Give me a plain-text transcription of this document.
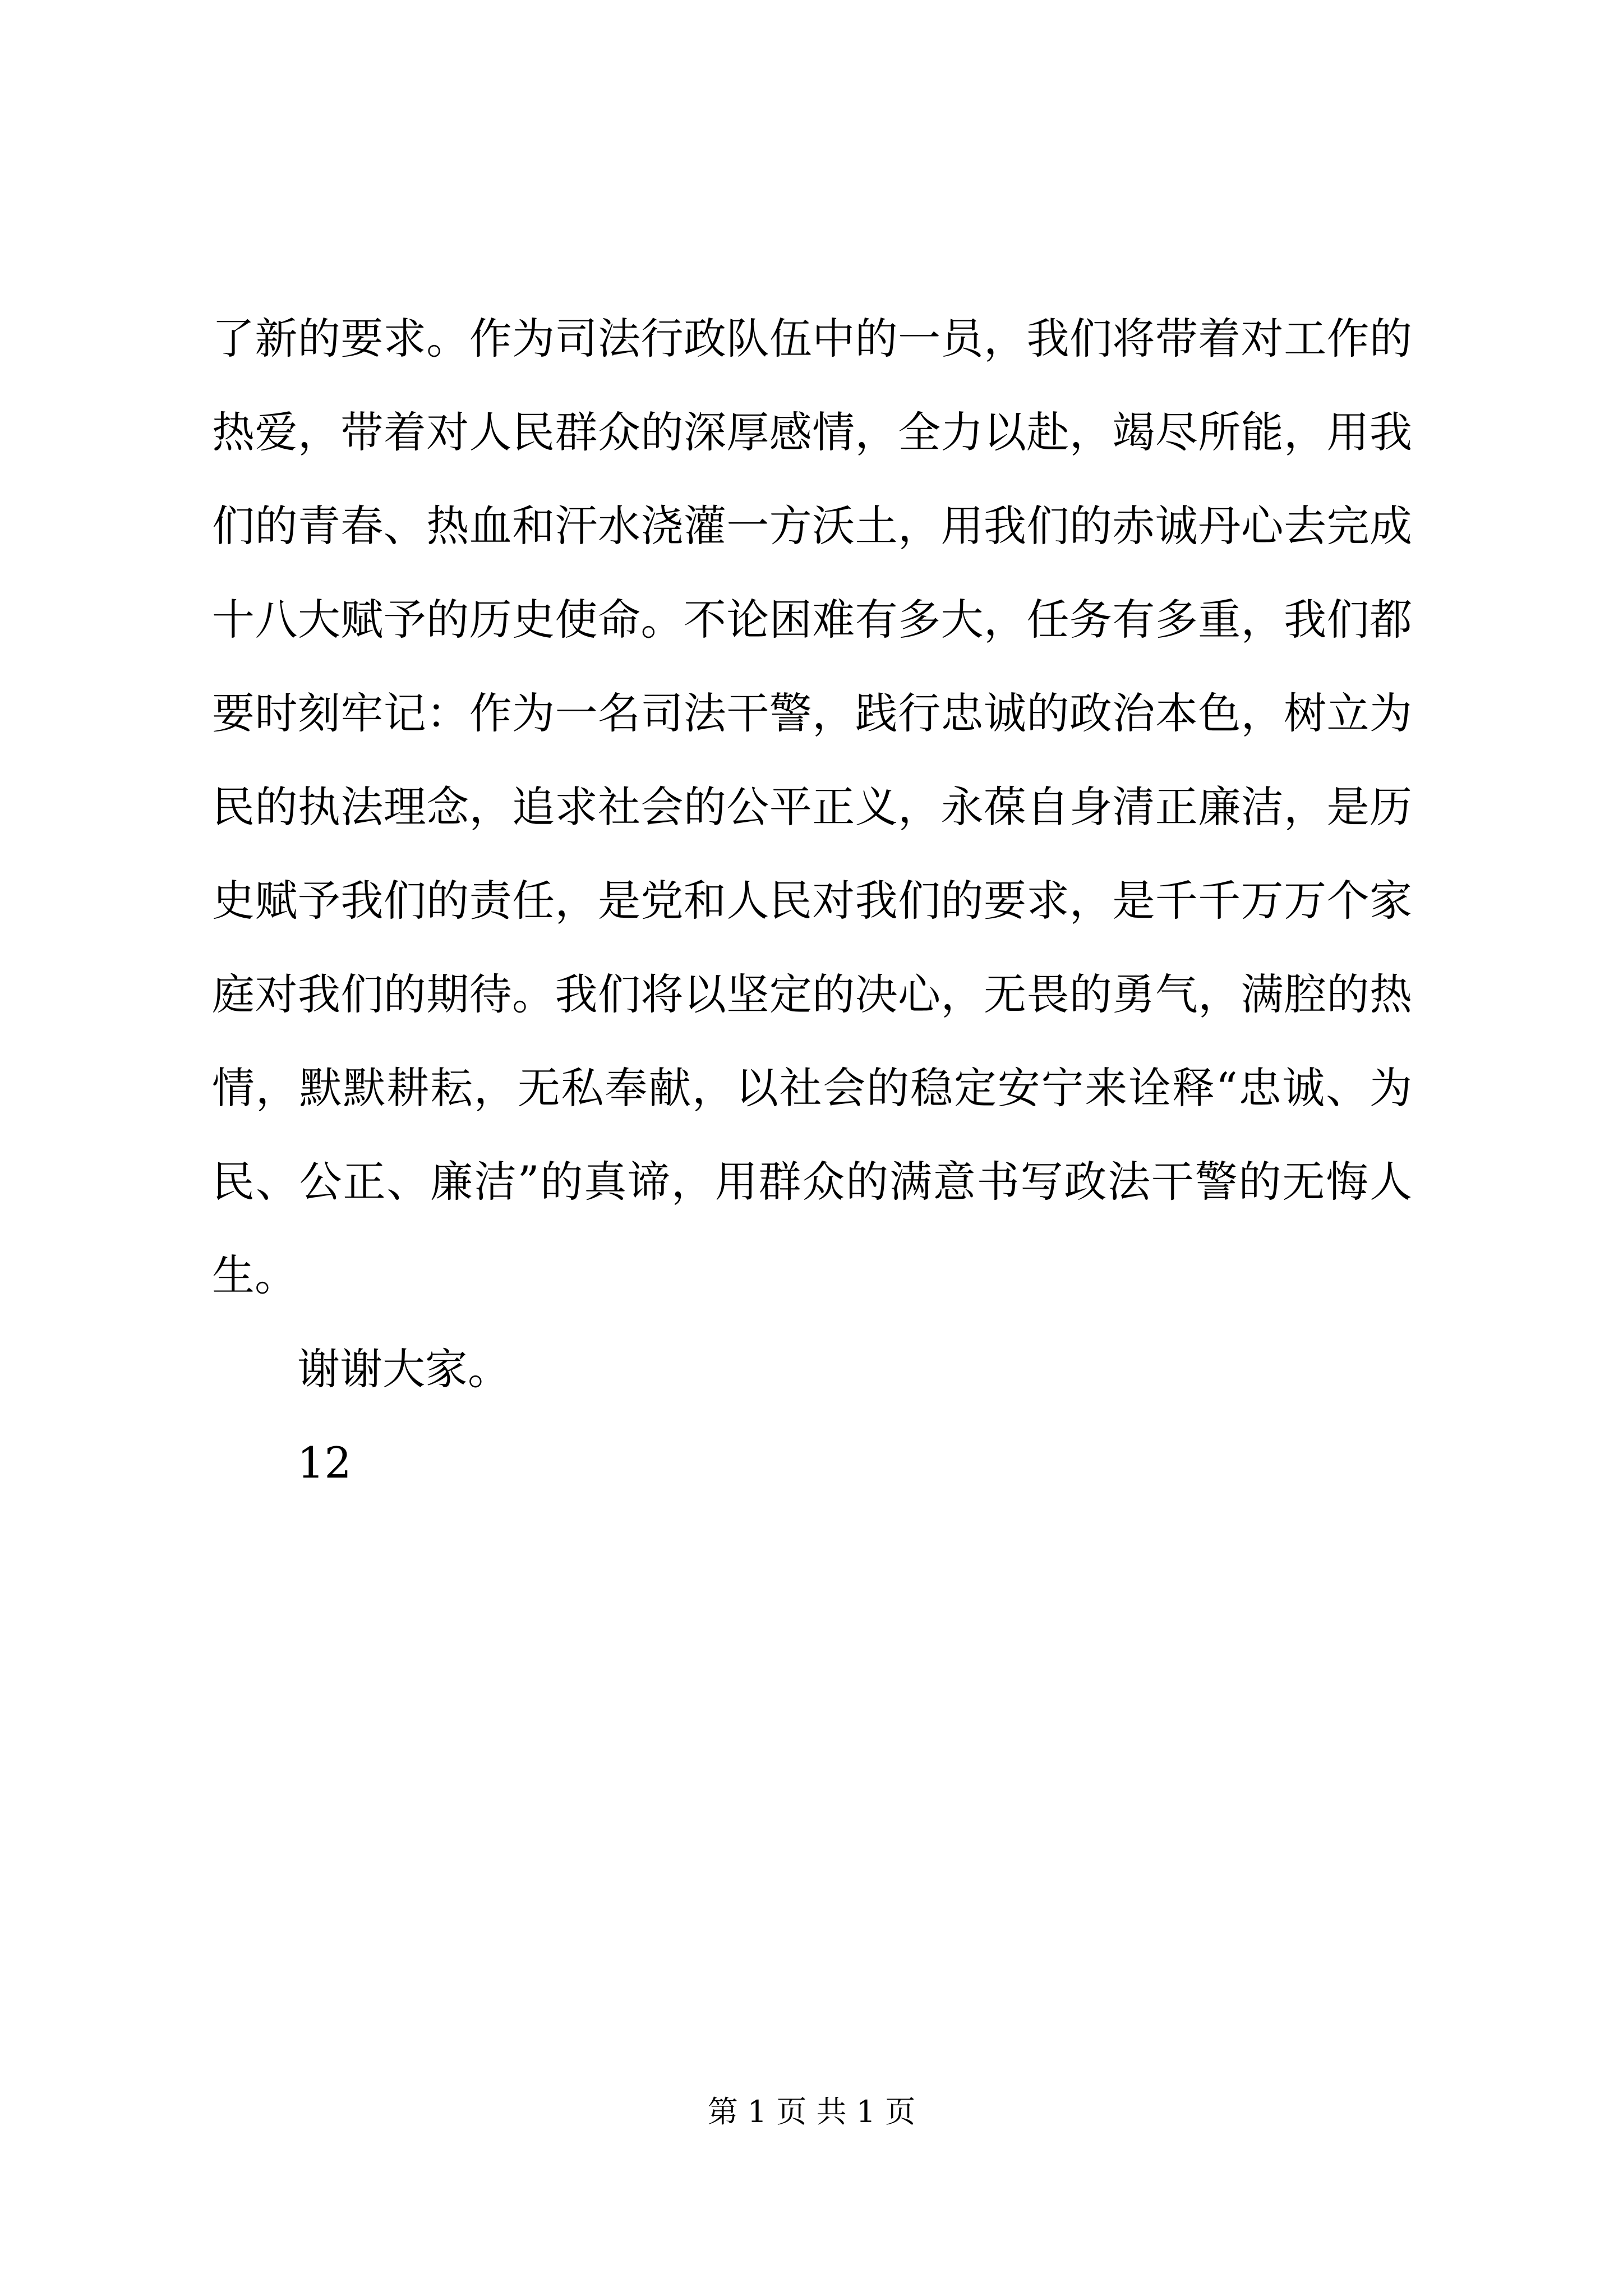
了新的要求。作为司法行政队伍中的一员，我们将带着对工作的
热爱，带着对人民群众的深厚感情，全力以赴，竭尽所能，用我
们的青春、热血和汗水浇灌一方沃土，用我们的赤诚丹心去完成
十八大赋予的历史使命。不论困难有多大，任务有多重，我们都
要时刻牢记：作为一名司法干警，践行忠诚的政治本色，树立为
民的执法理念，追求社会的公平正义，永葆自身清正廉洁，是历
史赋予我们的责任，是党和人民对我们的要求，是千千万万个家
庭对我们的期待。我们将以坚定的决心，无畏的勇气，满腔的热
情，默默耕耘，无私奉献，以社会的稳定安宁来诠释“忠诚、为
民、公正、廉洁”的真谛，用群众的满意书写政法干警的无悔人
生。
谢谢大家。
12
第 1 页 共 1 页
